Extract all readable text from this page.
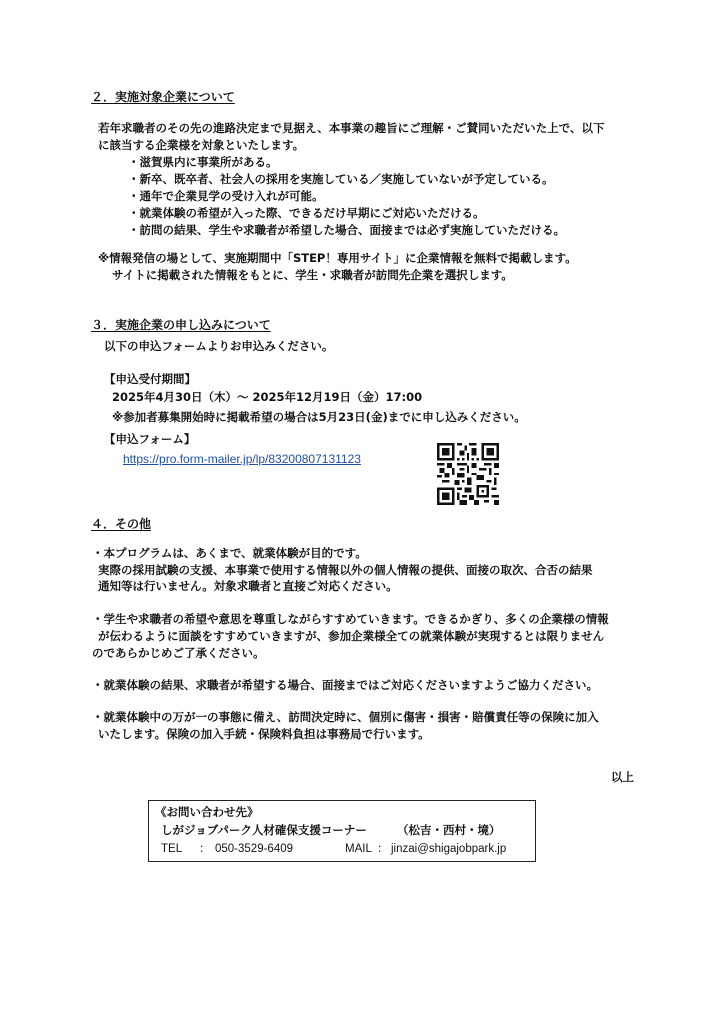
２．実施対象企業について
若年求職者のその先の進路決定まで見据え、本事業の趣旨にご理解・ご賛同いただいた上で、以下
に該当する企業様を対象といたします。
・滋賀県内に事業所がある。
・新卒、既卒者、社会人の採用を実施している／実施していないが予定している。
・通年で企業見学の受け入れが可能。
・就業体験の希望が入った際、できるだけ早期にご対応いただける。
・訪問の結果、学生や求職者が希望した場合、面接までは必ず実施していただける。
※情報発信の場として、実施期間中「STEP！専用サイト」に企業情報を無料で掲載します。
サイトに掲載された情報をもとに、学生・求職者が訪問先企業を選択します。
３．実施企業の申し込みについて
以下の申込フォームよりお申込みください。
【申込受付期間】
2025年4月30日（木）～ 2025年12月19日（金）17:00
※参加者募集開始時に掲載希望の場合は5月23日(金)までに申し込みください。
【申込フォーム】
https://pro.form-mailer.jp/lp/83200807131123
４．その他
・本プログラムは、あくまで、就業体験が目的です。
実際の採用試験の支援、本事業で使用する情報以外の個人情報の提供、面接の取次、合否の結果
通知等は行いません。対象求職者と直接ご対応ください。
・学生や求職者の希望や意思を尊重しながらすすめていきます。できるかぎり、多くの企業様の情報
が伝わるように面談をすすめていきますが、参加企業様全ての就業体験が実現するとは限りません
のであらかじめご了承ください。
・就業体験の結果、求職者が希望する場合、面接まではご対応くださいますようご協力ください。
・就業体験中の万が一の事態に備え、訪問決定時に、個別に傷害・損害・賠償責任等の保険に加入
いたします。保険の加入手続・保険料負担は事務局で行います。
以上
《お問い合わせ先》
しがジョブパーク人材確保支援コーナー	（松吉・西村・境）
TEL ： 050-3529-6409	MAIL ： jinzai@shigajobpark.jp
